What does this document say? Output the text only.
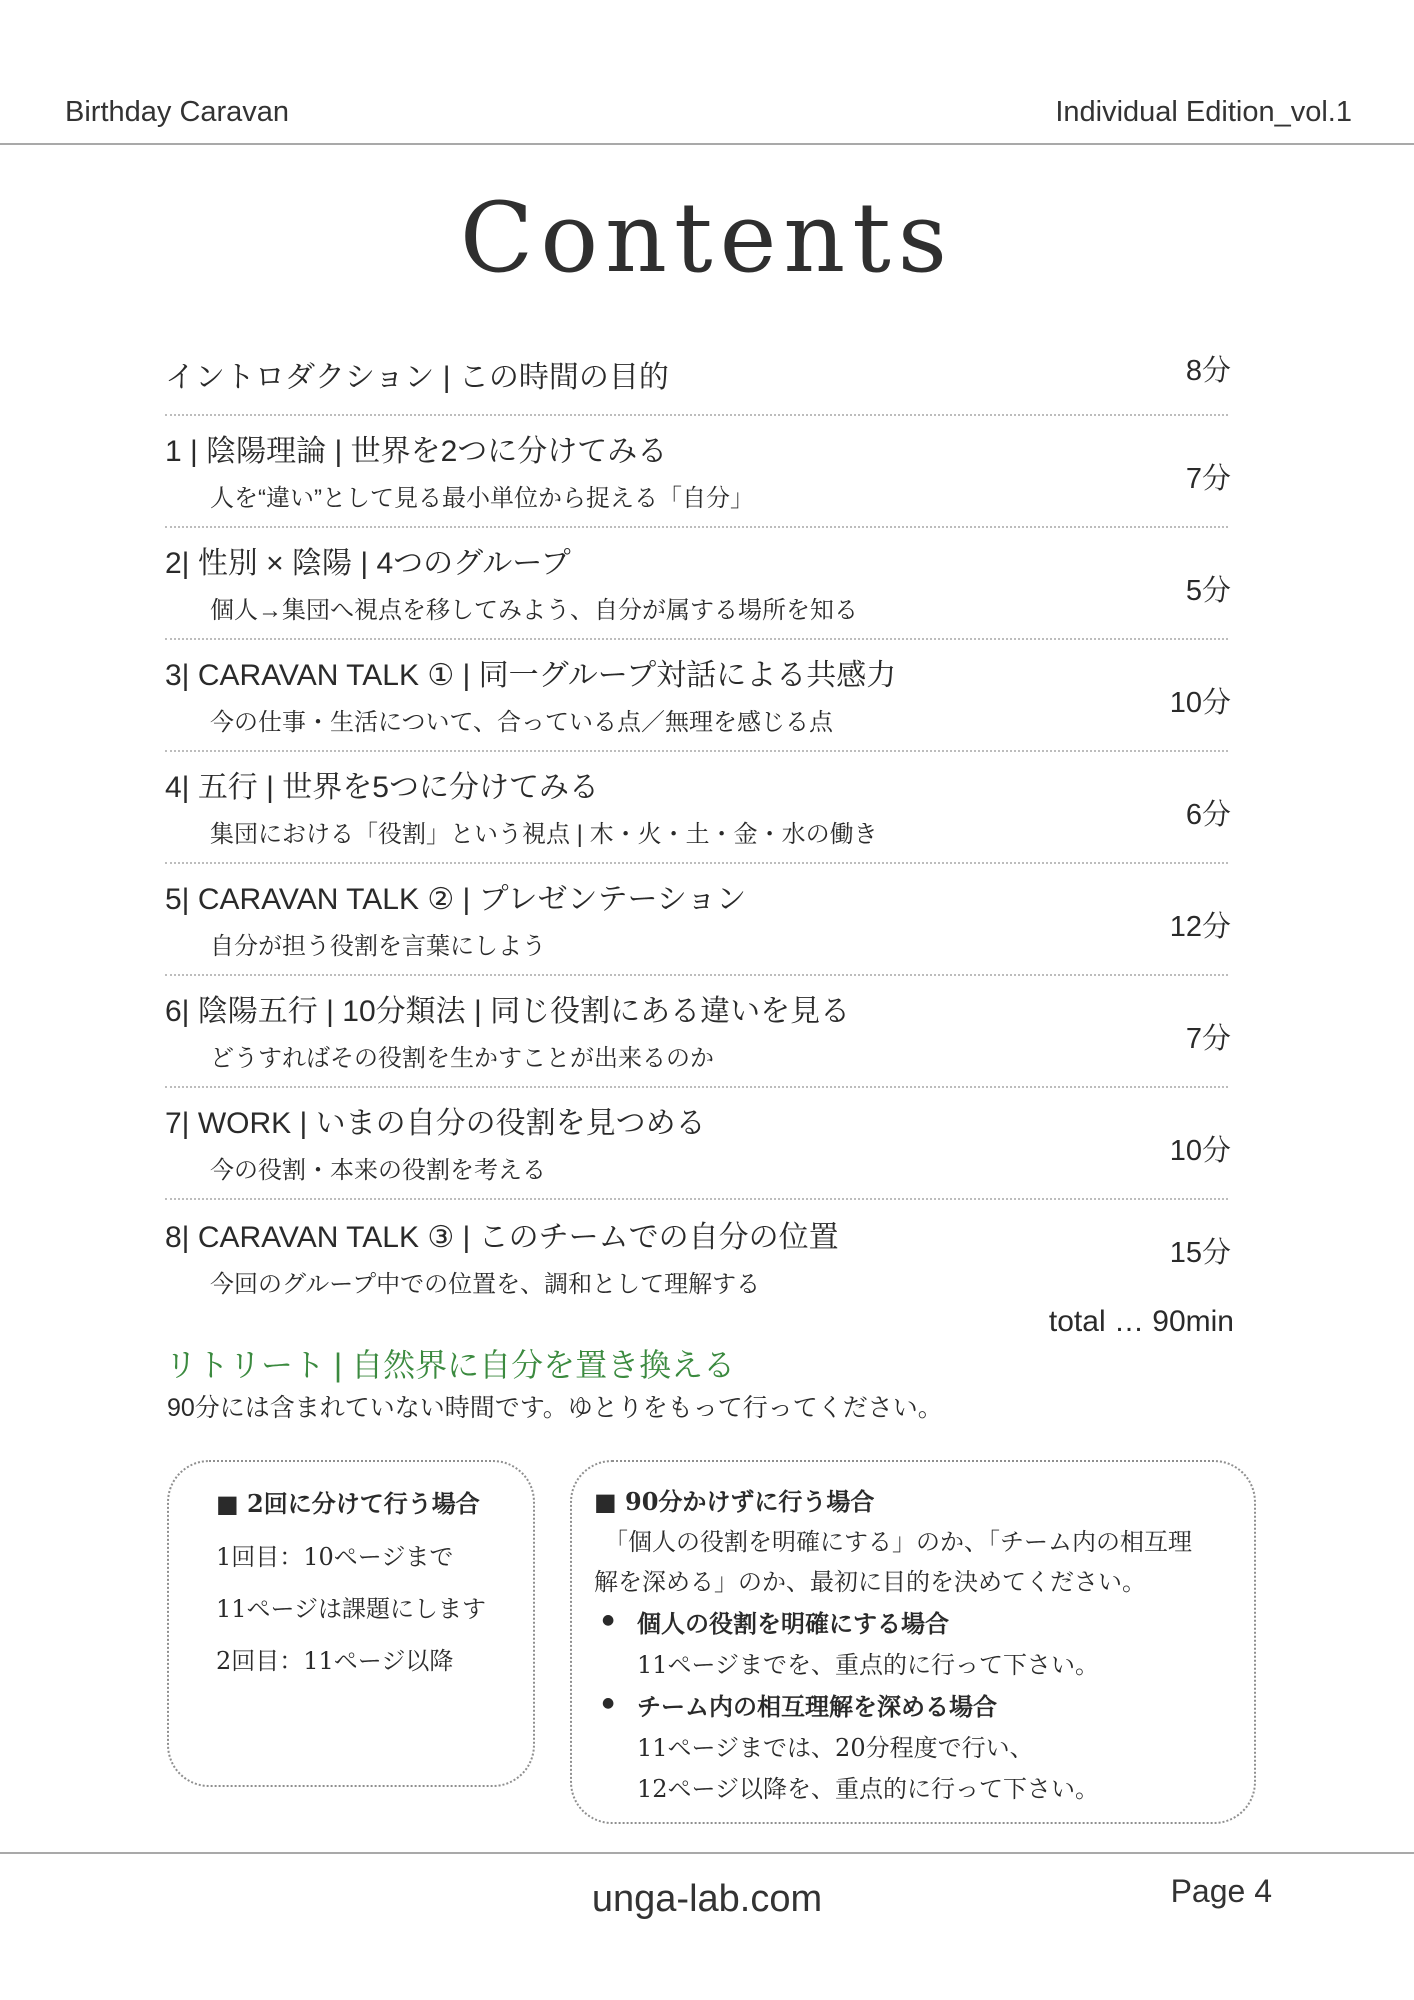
Birthday Caravan	Individual Edition_vol.1
Contents
イントロダクション | この時間の目的	8分
1 | 陰陽理論 | 世界を2つに分けてみる
人を“違い”として見る最小単位から捉える「自分」
7分
2| 性別 × 陰陽 | 4つのグループ
個人→集団へ視点を移してみよう、自分が属する場所を知る
5分
3| CARAVAN TALK ① | 同一グループ対話による共感力
今の仕事・生活について、合っている点／無理を感じる点
10分
4| 五行 | 世界を5つに分けてみる
集団における「役割」という視点 | 木・火・土・金・水の働き
6分
5| CARAVAN TALK ② | プレゼンテーション
自分が担う役割を言葉にしよう
12分
6| 陰陽五行 | 10分類法 | 同じ役割にある違いを見る
どうすればその役割を生かすことが出来るのか
7分
7| WORK | いまの自分の役割を見つめる
今の役割・本来の役割を考える
10分
8| CARAVAN TALK ③ | このチームでの自分の位置
今回のグループ中での位置を、調和として理解する
15分
total … 90min
リトリート | 自然界に自分を置き換える
90分には含まれていない時間です。ゆとりをもって行ってください。
■ 2回に分けて行う場合
1回目：10ページまで
11ページは課題にします
2回目：11ページ以降
■ 90分かけずに行う場合
「個人の役割を明確にする」のか、「チーム内の相互理
解を深める」のか、最初に目的を決めてください。
● 個人の役割を明確にする場合
11ページまでを、重点的に行って下さい。
● チーム内の相互理解を深める場合
11ページまでは、20分程度で行い、
12ページ以降を、重点的に行って下さい。
unga-lab.com	Page 4
